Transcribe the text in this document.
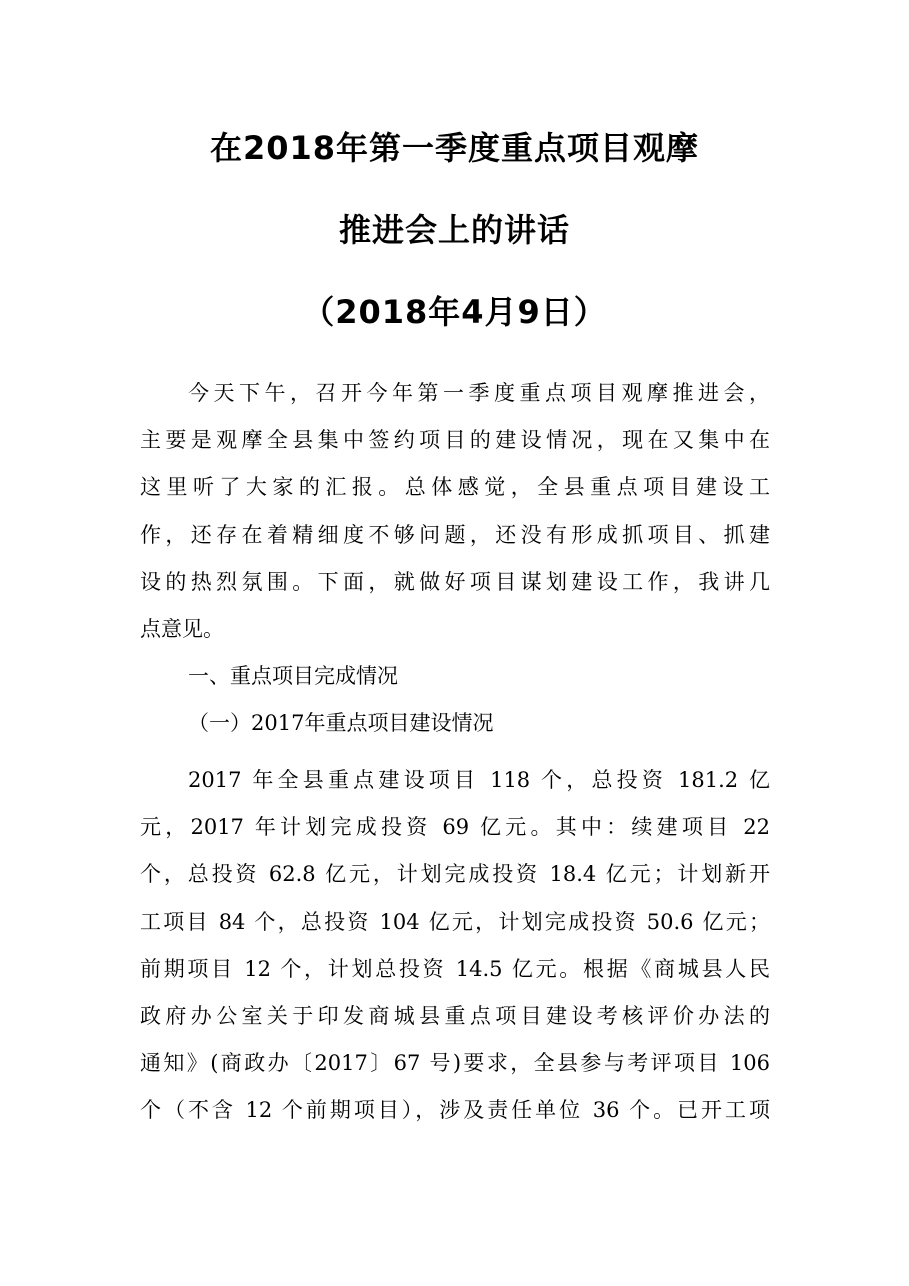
在2018年第一季度重点项目观摩
推进会上的讲话
（2018年4月9日）
今天下午，召开今年第一季度重点项目观摩推进会，
主要是观摩全县集中签约项目的建设情况，现在又集中在
这里听了大家的汇报。总体感觉，全县重点项目建设工
作，还存在着精细度不够问题，还没有形成抓项目、抓建
设的热烈氛围。下面，就做好项目谋划建设工作，我讲几
点意见。
一、重点项目完成情况
（一）2017年重点项目建设情况
2017 年全县重点建设项目 118 个，总投资 181.2 亿
元，2017 年计划完成投资 69 亿元。其中：续建项目 22
个，总投资 62.8 亿元，计划完成投资 18.4 亿元；计划新开
工项目 84 个，总投资 104 亿元，计划完成投资 50.6 亿元；
前期项目 12 个，计划总投资 14.5 亿元。根据《商城县人民
政府办公室关于印发商城县重点项目建设考核评价办法的
通知》(商政办〔2017〕67 号)要求，全县参与考评项目 106
个（不含 12 个前期项目），涉及责任单位 36 个。已开工项
